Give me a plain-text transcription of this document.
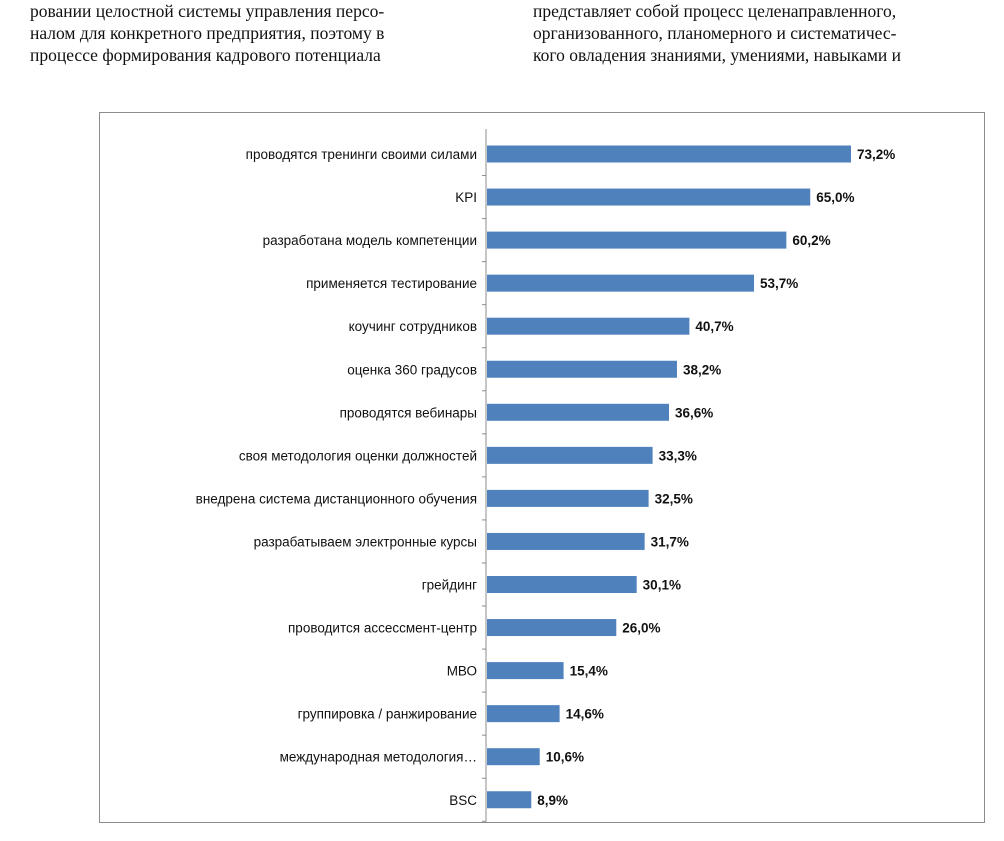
ровании целостной системы управления персо-
налом для конкретного предприятия, поэтому в
процессе формирования кадрового потенциала
представляет собой процесс целенаправленного,
организованного, планомерного и систематичес-
кого овладения знаниями, умениями, навыками и
проводятся тренинги своими силами	73,2%
KPI	65,0%
разработана модель компетенции	60,2%
применяется тестирование	53,7%
коучинг сотрудников	40,7%
оценка 360 градусов	38,2%
проводятся вебинары	36,6%
своя методология оценки должностей	33,3%
внедрена система дистанционного обучения	32,5%
разрабатываем электронные курсы	31,7%
грейдинг	30,1%
проводится ассессмент-центр	26,0%
МВО	15,4%
группировка / ранжирование	14,6%
международная методология…	10,6%
BSC	8,9%
